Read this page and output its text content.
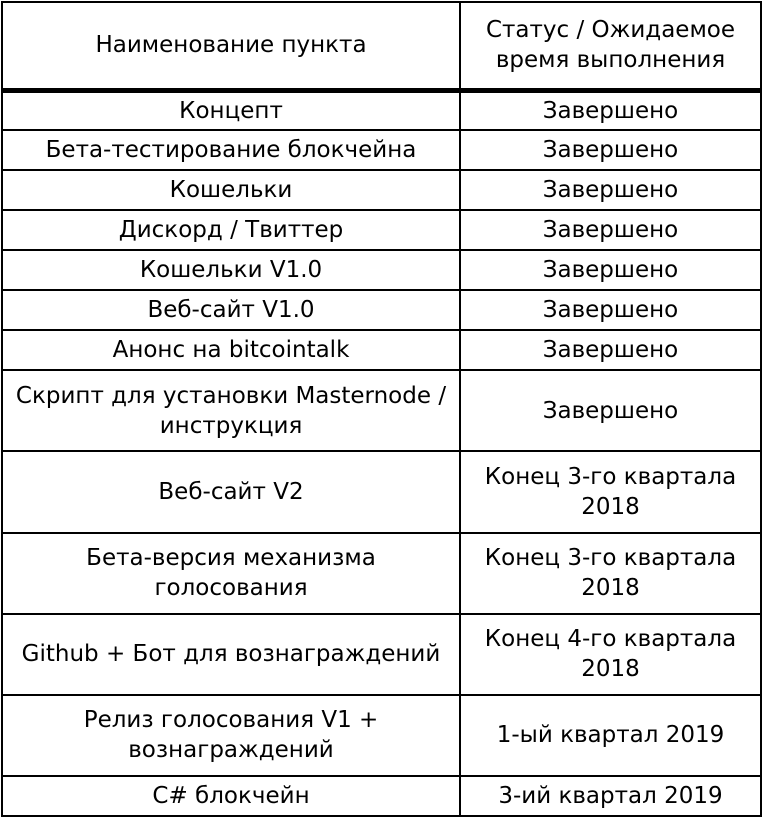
Наименование пункта	Статус / Ожидаемое время выполнения

Концепт	Завершено
Бета-тестирование блокчейна	Завершено
Кошельки	Завершено
Дискорд / Твиттер	Завершено
Кошельки V1.0	Завершено
Веб-сайт V1.0	Завершено
Анонс на bitcointalk	Завершено
Скрипт для установки Masternode / инструкция	Завершено
Веб-сайт V2	Конец 3-го квартала 2018
Бета-версия механизма голосования	Конец 3-го квартала 2018
Github + Бот для вознаграждений	Конец 4-го квартала 2018
Релиз голосования V1 + вознаграждений	1-ый квартал 2019
C# блокчейн	3-ий квартал 2019
